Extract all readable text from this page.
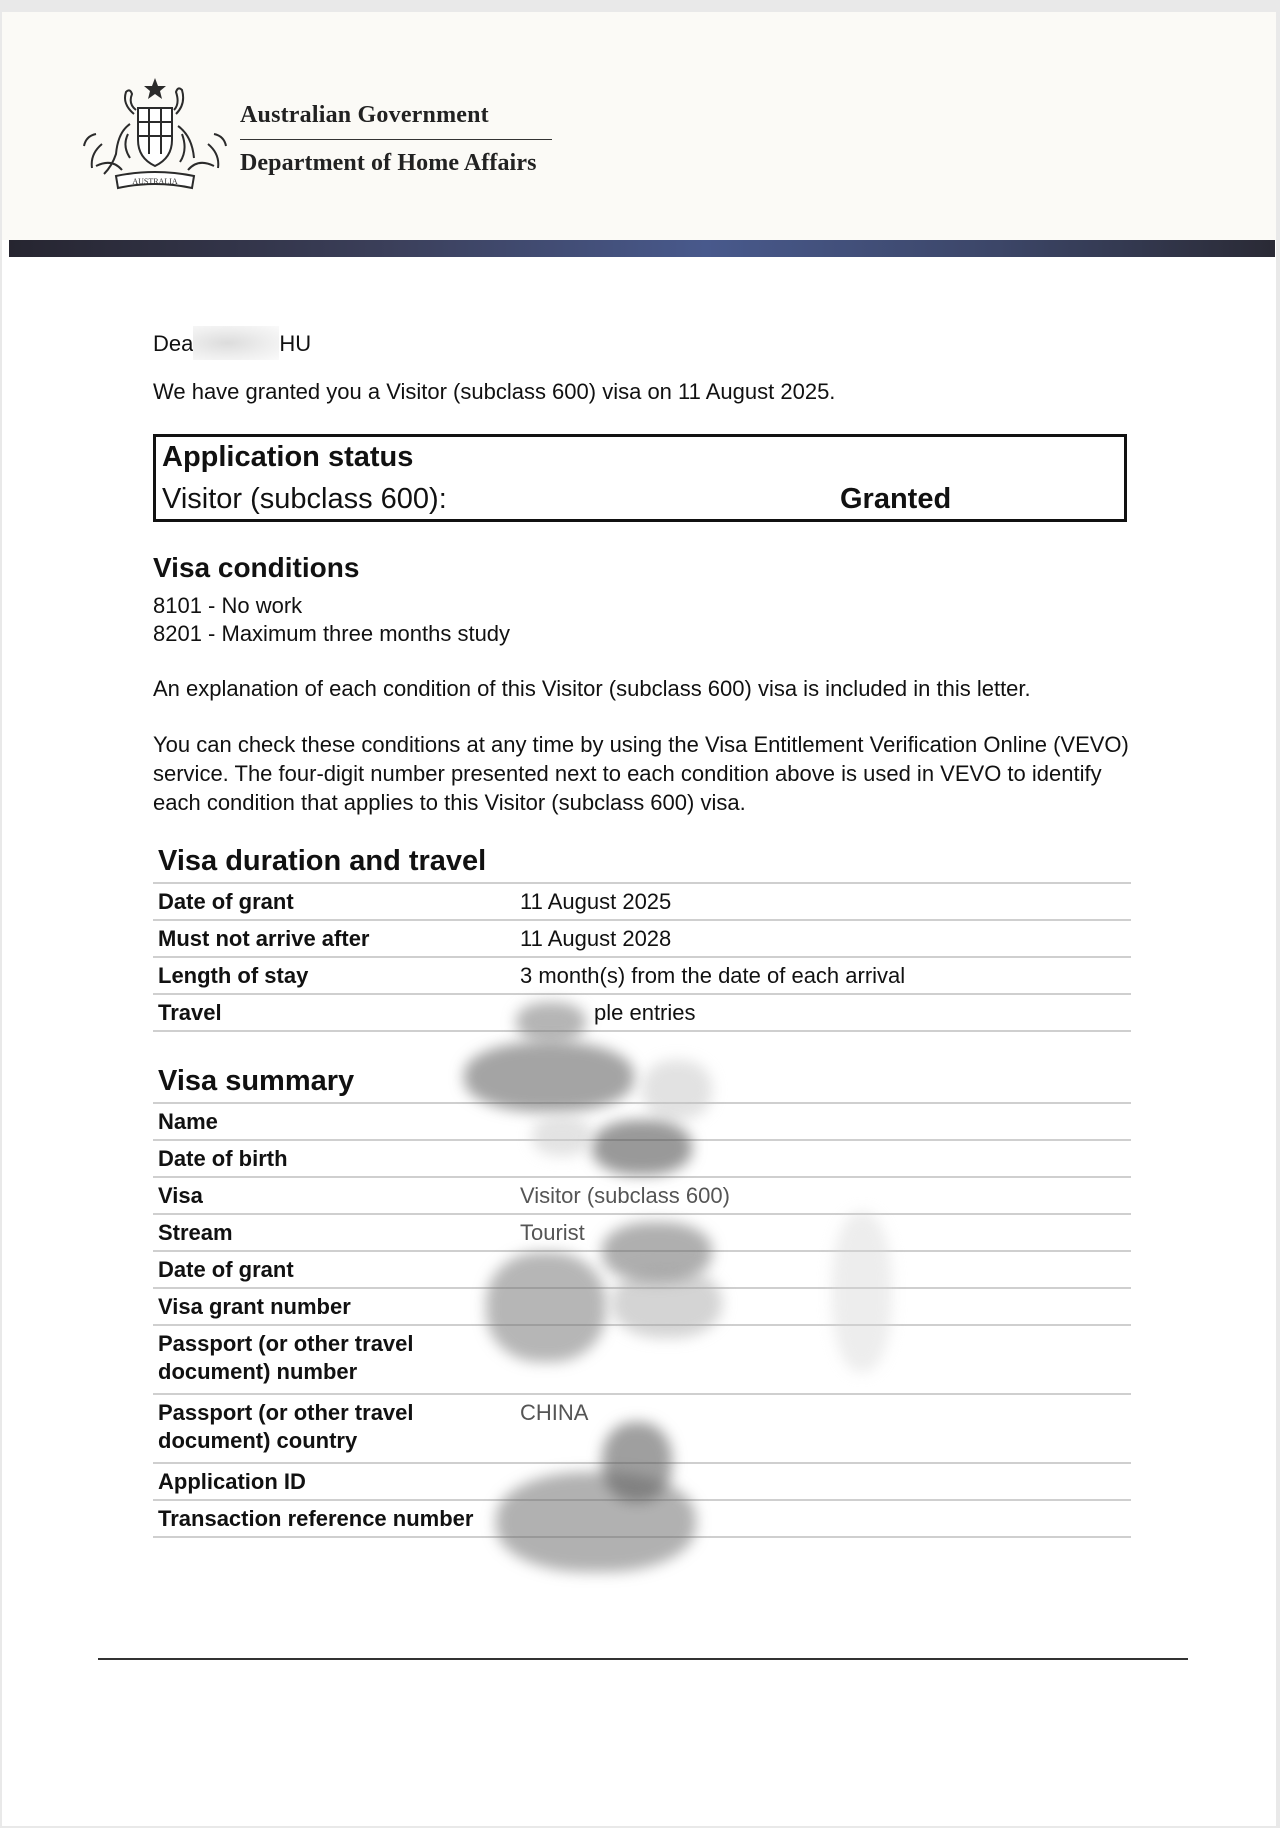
AUSTRALIA
Australian Government
Department of Home Affairs
Dea	HU
We have granted you a Visitor (subclass 600) visa on 11 August 2025.
Application status
Visitor (subclass 600):	Granted
Visa conditions
8101 - No work
8201 - Maximum three months study
An explanation of each condition of this Visitor (subclass 600) visa is included in this letter.
You can check these conditions at any time by using the Visa Entitlement Verification Online (VEVO) service. The four-digit number presented next to each condition above is used in VEVO to identify each condition that applies to this Visitor (subclass 600) visa.
Visa duration and travel
Date of grant	11 August 2025
Must not arrive after	11 August 2028
Length of stay	3 month(s) from the date of each arrival
Travel	ple entries
Visa summary
Name	
Date of birth	
Visa	Visitor (subclass 600)
Stream	Tourist
Date of grant	
Visa grant number	
Passport (or other travel document) number	
Passport (or other travel document) country	CHINA
Application ID	
Transaction reference number	
